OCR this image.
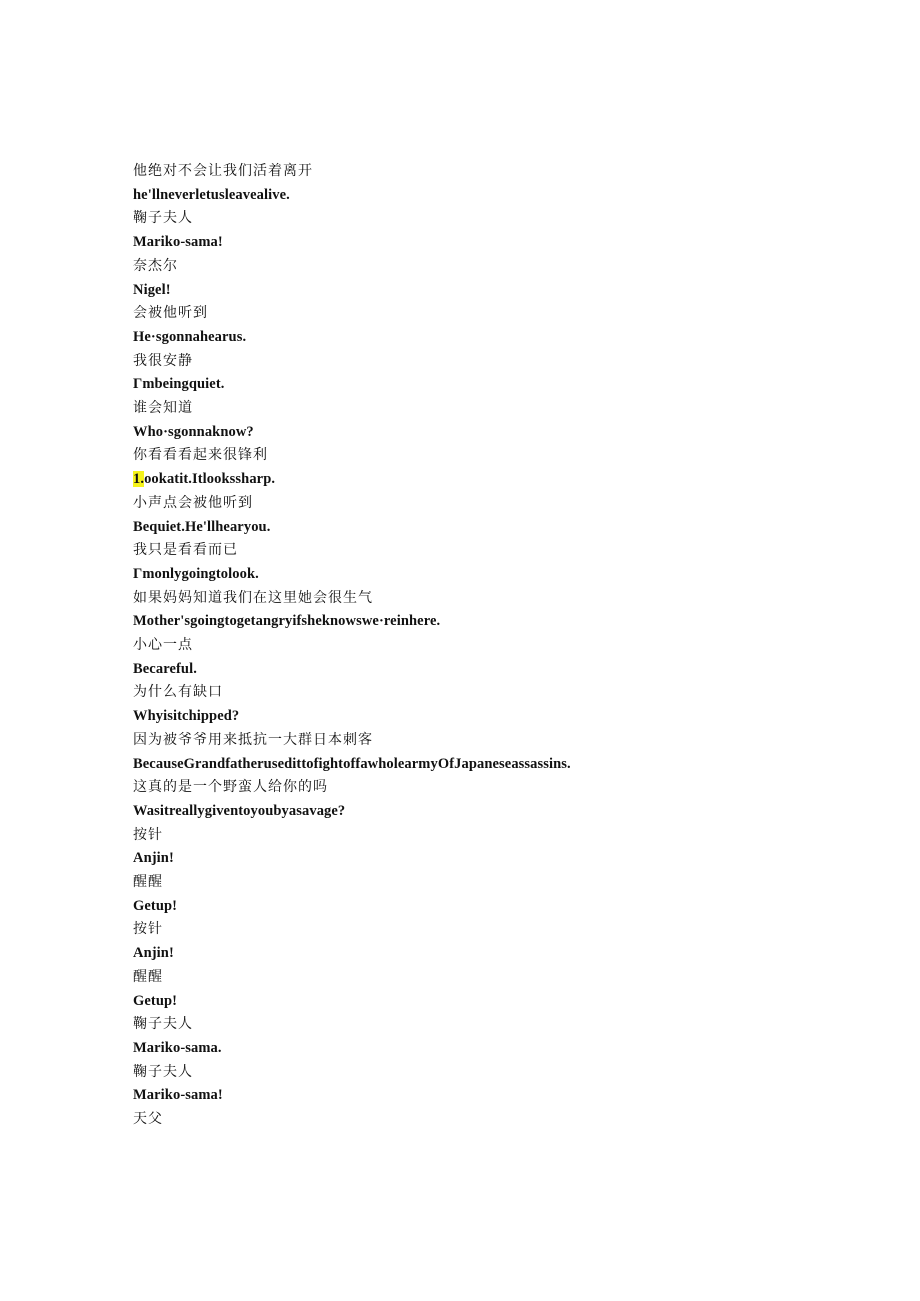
他绝对不会让我们活着离开
he'llneverletusleavealive.
鞠子夫人
Mariko-sama!
奈杰尔
Nigel!
会被他听到
He·sgonnahearus.
我很安静
Γmbeingquiet.
谁会知道
Who·sgonnaknow?
你看看看起来很锋利
1.ookatit.Itlookssharp.
小声点会被他听到
Bequiet.He'llhearyou.
我只是看看而已
Γmonlygoingtolook.
如果妈妈知道我们在这里她会很生气
Mother'sgoingtogetangryifsheknowswe·reinhere.
小心一点
Becareful.
为什么有缺口
Whyisitchipped?
因为被爷爷用来抵抗一大群日本刺客
BecauseGrandfatherusedittofightoffawholearmyOfJapaneseassassins.
这真的是一个野蛮人给你的吗
Wasitreallygiventoyoubyasavage?
按针
Anjin!
醒醒
Getup!
按针
Anjin!
醒醒
Getup!
鞠子夫人
Mariko-sama.
鞠子夫人
Mariko-sama!
天父
